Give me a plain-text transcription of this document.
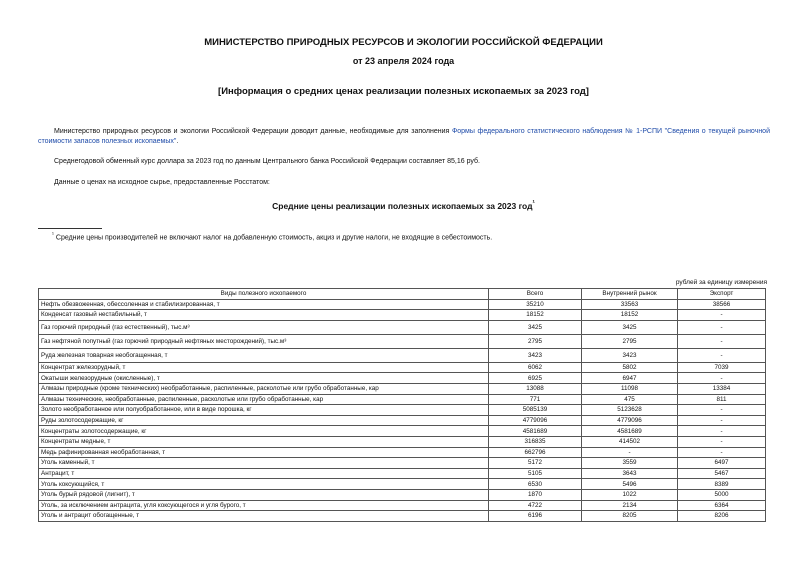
МИНИСТЕРСТВО ПРИРОДНЫХ РЕСУРСОВ И ЭКОЛОГИИ РОССИЙСКОЙ ФЕДЕРАЦИИ
от 23 апреля 2024 года
[Информация о средних ценах реализации полезных ископаемых за 2023 год]
Министерство природных ресурсов и экологии Российской Федерации доводит данные, необходимые для заполнения Формы федерального статистического наблюдения № 1-РСПИ "Сведения о текущей рыночной стоимости запасов полезных ископаемых".
Среднегодовой обменный курс доллара за 2023 год по данным Центрального банка Российской Федерации составляет 85,16 руб.
Данные о ценах на исходное сырье, предоставленные Росстатом:
Средние цены реализации полезных ископаемых за 2023 год$^{^1}$
$^{^1}$ Средние цены производителей не включают налог на добавленную стоимость, акциз и другие налоги, не входящие в себестоимость.
рублей за единицу измерения
Виды полезного ископаемого	Всего	Внутренний рынок	Экспорт
Нефть обезвоженная, обессоленная и стабилизированная, т	35210	33563	38566
Конденсат газовый нестабильный, т	18152	18152	-
Газ горючий природный (газ естественный), тыс.м³	3425	3425	-
Газ нефтяной попутный (газ горючий природный нефтяных месторождений), тыс.м³	2795	2795	-
Руда железная товарная необогащенная, т	3423	3423	-
Концентрат железорудный, т	6062	5802	7039
Окатыши железорудные (окисленные), т	6925	6947	-
Алмазы природные (кроме технических) необработанные, распиленные, расколотые или грубо обработанные, кар	13088	11098	13384
Алмазы технические, необработанные, распиленные, расколотые или грубо обработанные, кар	771	475	811
Золото необработанное или полуобработанное, или в виде порошка, кг	5085139	5123628	-
Руды золотосодержащие, кг	4779096	4779096	-
Концентраты золотосодержащие, кг	4581689	4581689	-
Концентраты медные, т	316835	414502	-
Медь рафинированная необработанная, т	662796	-	-
Уголь каменный, т	5172	3559	6497
Антрацит, т	5105	3643	5467
Уголь коксующийся, т	6530	5496	8389
Уголь бурый рядовой (лигнит), т	1870	1022	5000
Уголь, за исключением антрацита, угля коксующегося и угля бурого, т	4722	2134	6364
Уголь и антрацит обогащенные, т	6196	8205	8206
